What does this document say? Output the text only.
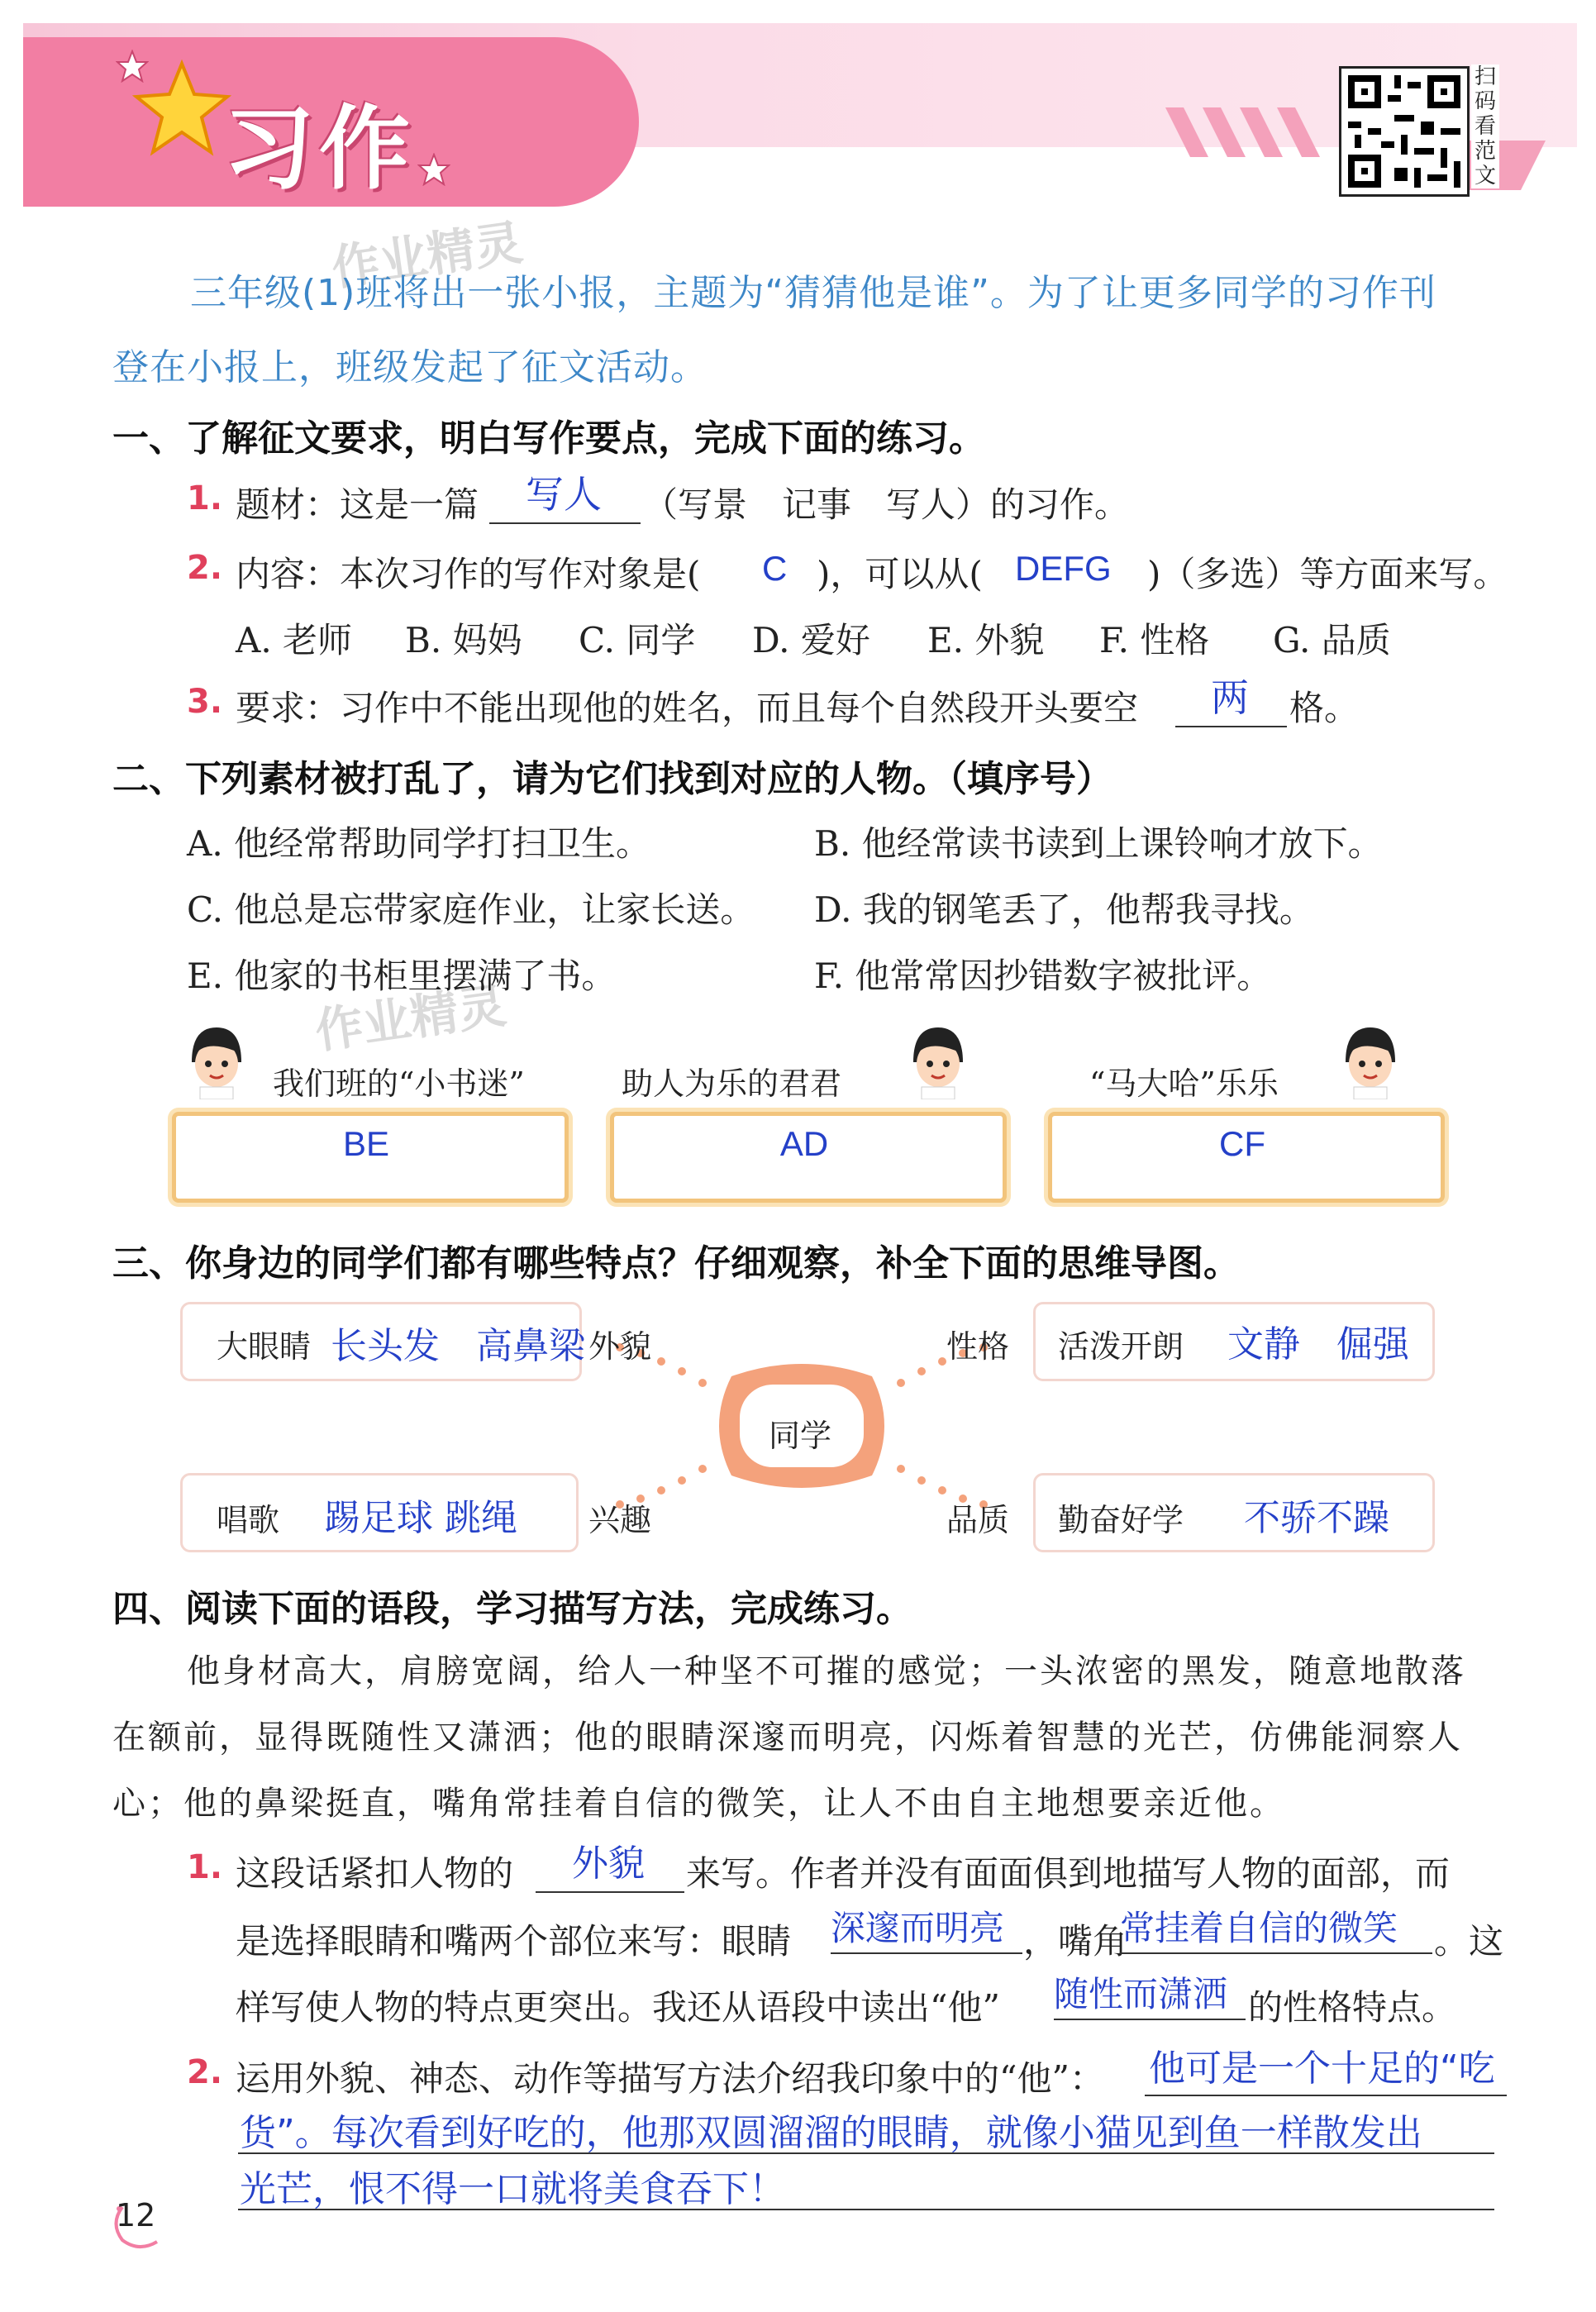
习作
扫
码
看
范
文
作业精灵
作业精灵
三年级(1)班将出一张小报，主题为“猜猜他是谁”。为了让更多同学的习作刊
登在小报上，班级发起了征文活动。
一、了解征文要求，明白写作要点，完成下面的练习。
1. 题材：这是一篇 写人 （写景　记事　写人）的习作。
2. 内容：本次习作的写作对象是( C )，可以从( DEFG )（多选）等方面来写。
A. 老师 B. 妈妈 C. 同学 D. 爱好 E. 外貌 F. 性格 G. 品质
3. 要求：习作中不能出现他的姓名，而且每个自然段开头要空 两 格。
二、下列素材被打乱了，请为它们找到对应的人物。（填序号）
A. 他经常帮助同学打扫卫生。	B. 他经常读书读到上课铃响才放下。
C. 他总是忘带家庭作业，让家长送。 D. 我的钢笔丢了，他帮我寻找。
E. 他家的书柜里摆满了书。	F. 他常常因抄错数字被批评。
我们班的“小书迷”	助人为乐的君君	“马大哈”乐乐
BE	AD	CF
三、你身边的同学们都有哪些特点？仔细观察，补全下面的思维导图。
同学
大眼睛 长头发　高鼻梁 外貌	性格 活泼开朗 文静　倔强
唱歌 踢足球 跳绳 兴趣	品质 勤奋好学 不骄不躁
四、阅读下面的语段，学习描写方法，完成练习。
他身材高大，肩膀宽阔，给人一种坚不可摧的感觉；一头浓密的黑发，随意地散落
在额前，显得既随性又潇洒；他的眼睛深邃而明亮，闪烁着智慧的光芒，仿佛能洞察人
心；他的鼻梁挺直，嘴角常挂着自信的微笑，让人不由自主地想要亲近他。
1. 这段话紧扣人物的 外貌 来写。作者并没有面面俱到地描写人物的面部，而
是选择眼睛和嘴两个部位来写：眼睛 深邃而明亮 ，嘴角
常挂着自信的微笑 。这
样写使人物的特点更突出。我还从语段中读出“他” 随性而潇洒 的性格特点。
2. 运用外貌、神态、动作等描写方法介绍我印象中的“他”： 他可是一个十足的“吃
货”。每次看到好吃的，他那双圆溜溜的眼睛，就像小猫见到鱼一样散发出
光芒，恨不得一口就将美食吞下！
12
